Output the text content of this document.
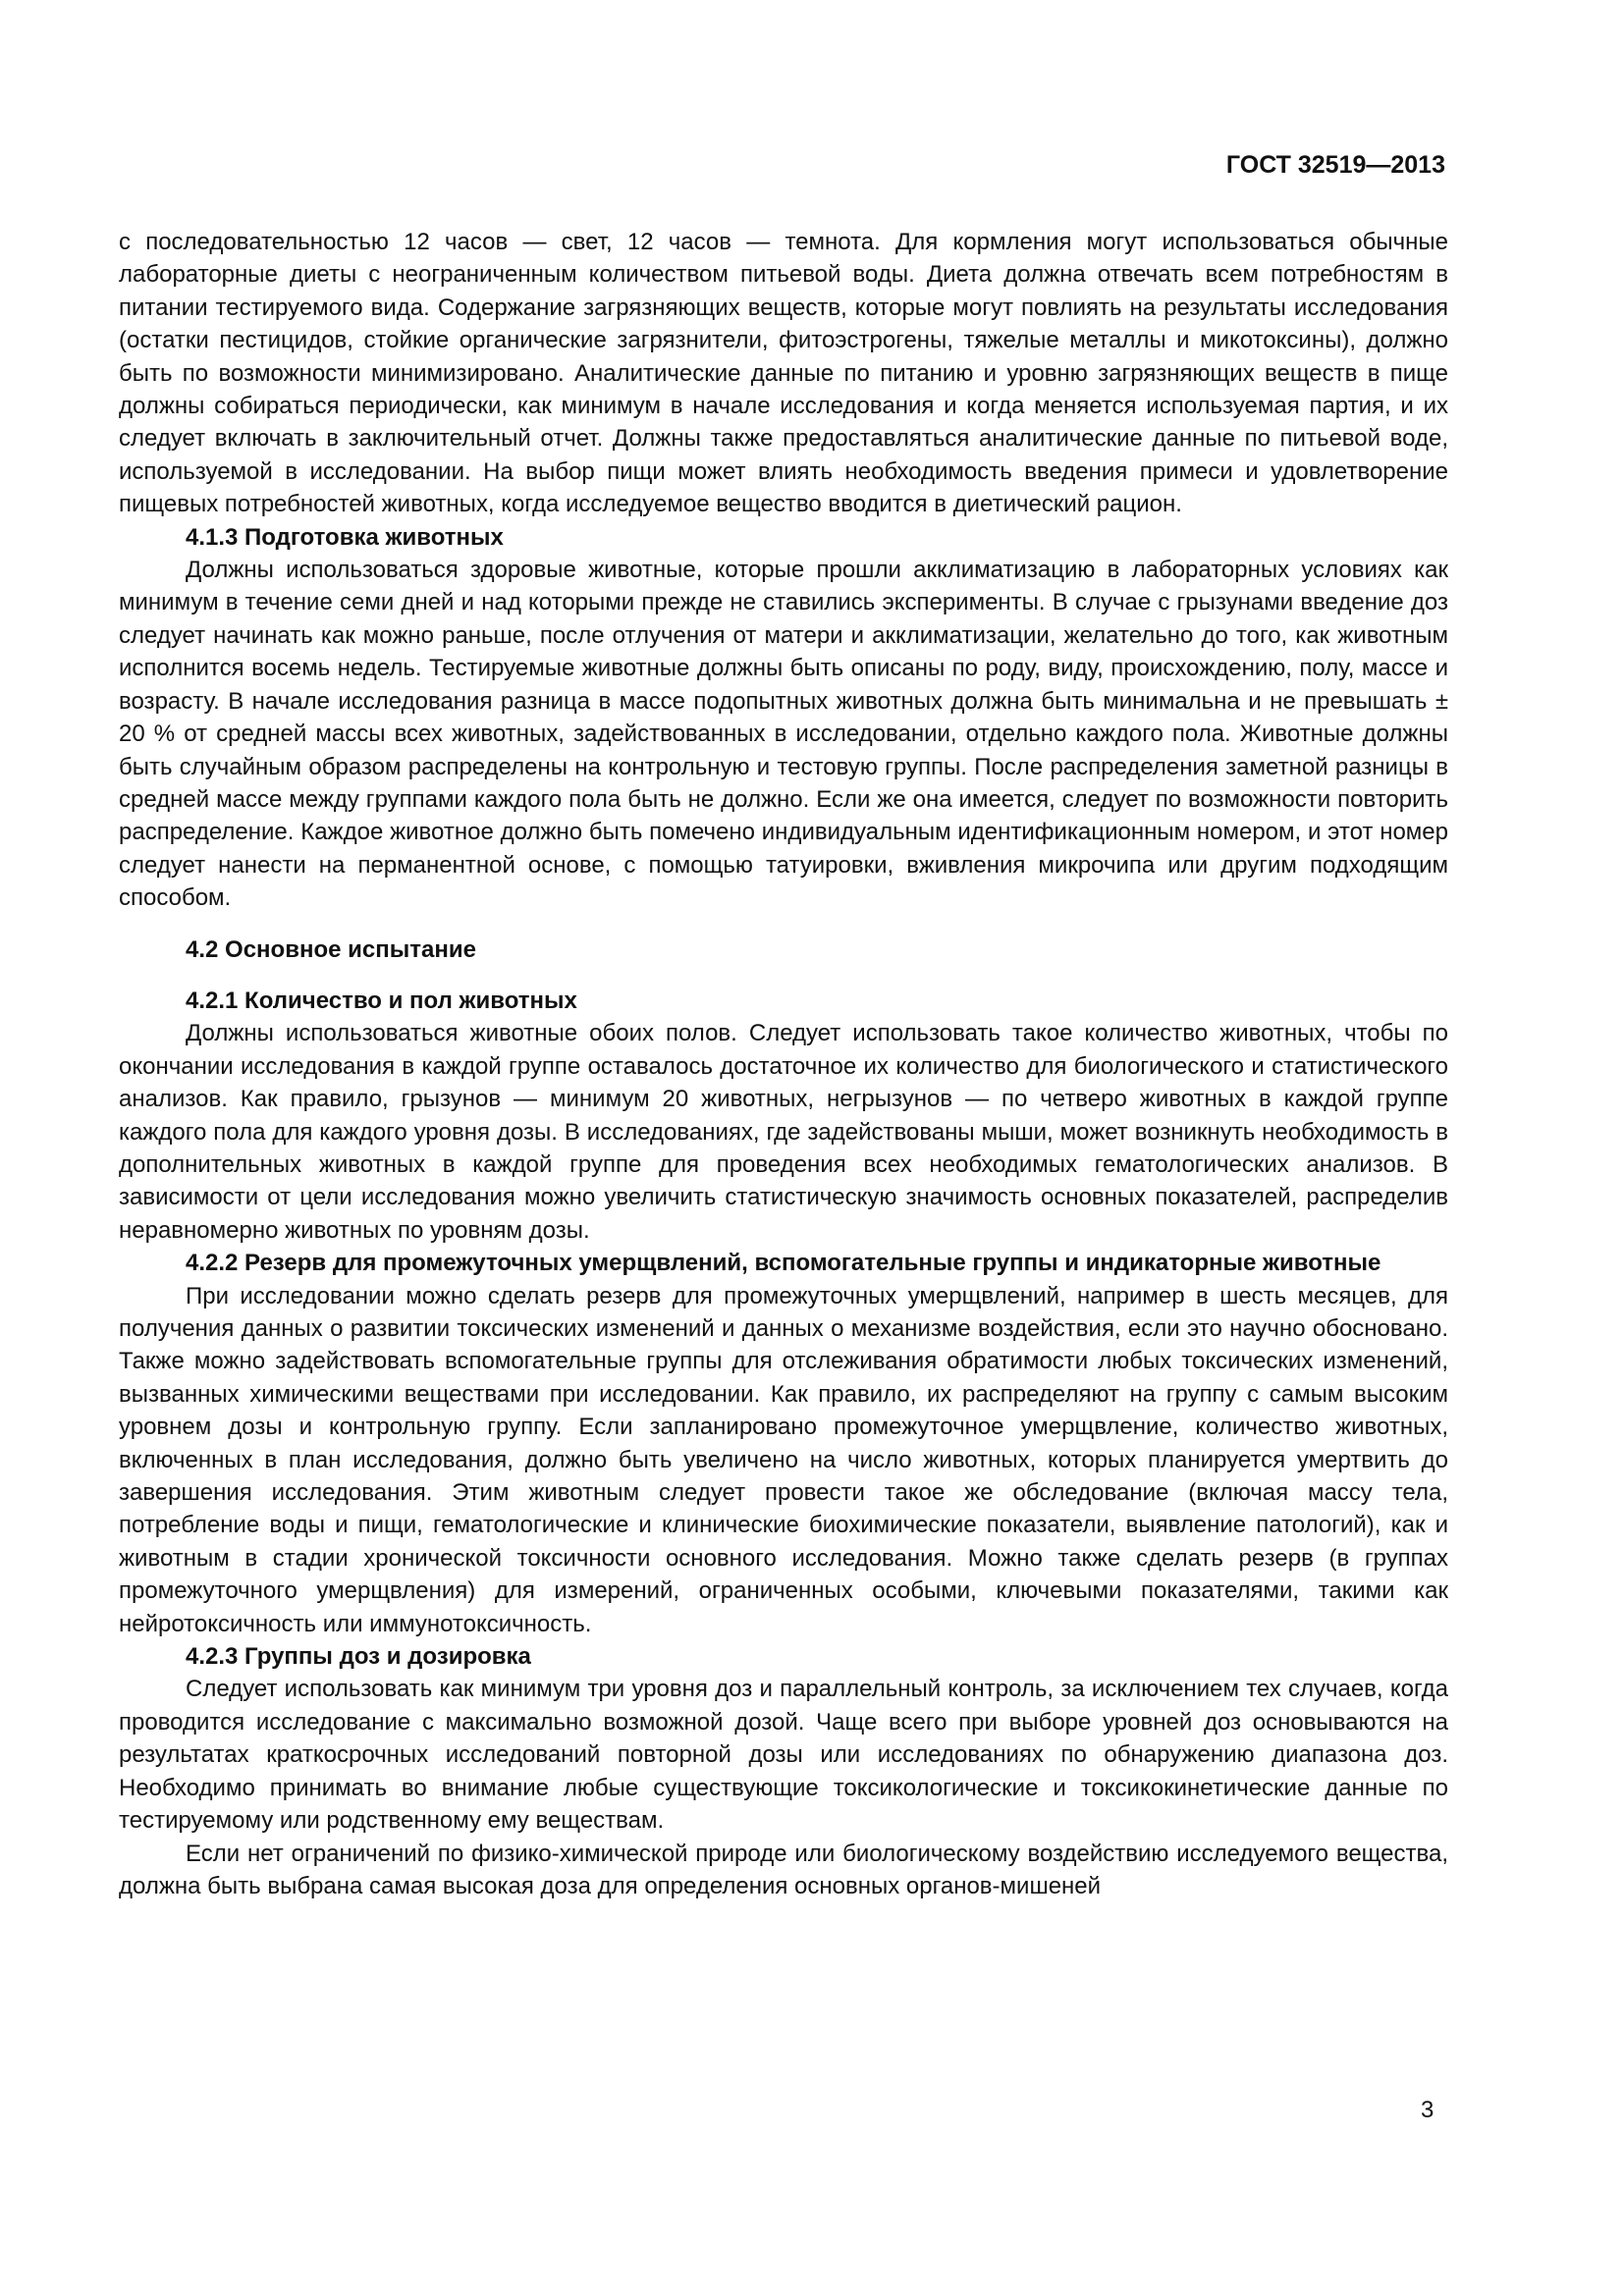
ГОСТ 32519—2013

с последовательностью 12 часов — свет, 12 часов — темнота. Для кормления могут использоваться обычные лабораторные диеты с неограниченным количеством питьевой воды. Диета должна отвечать всем потребностям в питании тестируемого вида. Содержание загрязняющих веществ, которые могут повлиять на результаты исследования (остатки пестицидов, стойкие органические загрязнители, фитоэстрогены, тяжелые металлы и микотоксины), должно быть по возможности минимизировано. Аналитические данные по питанию и уровню загрязняющих веществ в пище должны собираться периодически, как минимум в начале исследования и когда меняется используемая партия, и их следует включать в заключительный отчет. Должны также предоставляться аналитические данные по питьевой воде, используемой в исследовании. На выбор пищи может влиять необходимость введения примеси и удовлетворение пищевых потребностей животных, когда исследуемое вещество вводится в диетический рацион.

4.1.3 Подготовка животных

Должны использоваться здоровые животные, которые прошли акклиматизацию в лабораторных условиях как минимум в течение семи дней и над которыми прежде не ставились эксперименты. В случае с грызунами введение доз следует начинать как можно раньше, после отлучения от матери и акклиматизации, желательно до того, как животным исполнится восемь недель. Тестируемые животные должны быть описаны по роду, виду, происхождению, полу, массе и возрасту. В начале исследования разница в массе подопытных животных должна быть минимальна и не превышать ± 20 % от средней массы всех животных, задействованных в исследовании, отдельно каждого пола. Животные должны быть случайным образом распределены на контрольную и тестовую группы. После распределения заметной разницы в средней массе между группами каждого пола быть не должно. Если же она имеется, следует по возможности повторить распределение. Каждое животное должно быть помечено индивидуальным идентификационным номером, и этот номер следует нанести на перманентной основе, с помощью татуировки, вживления микрочипа или другим подходящим способом.

4.2 Основное испытание

4.2.1 Количество и пол животных

Должны использоваться животные обоих полов. Следует использовать такое количество животных, чтобы по окончании исследования в каждой группе оставалось достаточное их количество для биологического и статистического анализов. Как правило, грызунов — минимум 20 животных, негрызунов — по четверо животных в каждой группе каждого пола для каждого уровня дозы. В исследованиях, где задействованы мыши, может возникнуть необходимость в дополнительных животных в каждой группе для проведения всех необходимых гематологических анализов. В зависимости от цели исследования можно увеличить статистическую значимость основных показателей, распределив неравномерно животных по уровням дозы.

4.2.2 Резерв для промежуточных умерщвлений, вспомогательные группы и индикаторные животные

При исследовании можно сделать резерв для промежуточных умерщвлений, например в шесть месяцев, для получения данных о развитии токсических изменений и данных о механизме воздействия, если это научно обосновано. Также можно задействовать вспомогательные группы для отслеживания обратимости любых токсических изменений, вызванных химическими веществами при исследовании. Как правило, их распределяют на группу с самым высоким уровнем дозы и контрольную группу. Если запланировано промежуточное умерщвление, количество животных, включенных в план исследования, должно быть увеличено на число животных, которых планируется умертвить до завершения исследования. Этим животным следует провести такое же обследование (включая массу тела, потребление воды и пищи, гематологические и клинические биохимические показатели, выявление патологий), как и животным в стадии хронической токсичности основного исследования. Можно также сделать резерв (в группах промежуточного умерщвления) для измерений, ограниченных особыми, ключевыми показателями, такими как нейротоксичность или иммунотоксичность.

4.2.3 Группы доз и дозировка

Следует использовать как минимум три уровня доз и параллельный контроль, за исключением тех случаев, когда проводится исследование с максимально возможной дозой. Чаще всего при выборе уровней доз основываются на результатах краткосрочных исследований повторной дозы или исследованиях по обнаружению диапазона доз. Необходимо принимать во внимание любые существующие токсикологические и токсикокинетические данные по тестируемому или родственному ему веществам.

Если нет ограничений по физико-химической природе или биологическому воздействию исследуемого вещества, должна быть выбрана самая высокая доза для определения основных органов-мишеней

3
